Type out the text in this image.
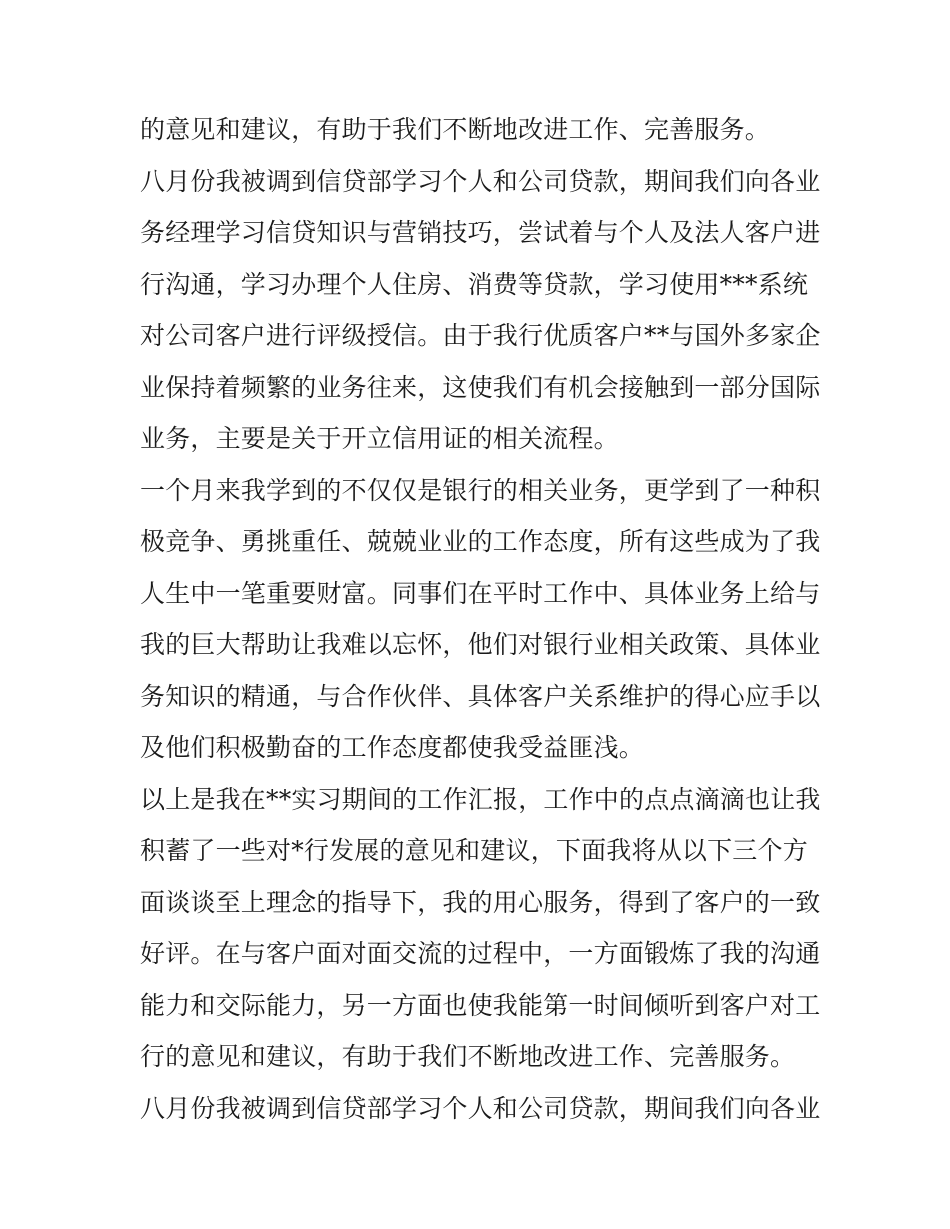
的意见和建议，有助于我们不断地改进工作、完善服务。
八月份我被调到信贷部学习个人和公司贷款，期间我们向各业
务经理学习信贷知识与营销技巧，尝试着与个人及法人客户进
行沟通，学习办理个人住房、消费等贷款，学习使用***系统
对公司客户进行评级授信。由于我行优质客户**与国外多家企
业保持着频繁的业务往来，这使我们有机会接触到一部分国际
业务，主要是关于开立信用证的相关流程。
一个月来我学到的不仅仅是银行的相关业务，更学到了一种积
极竞争、勇挑重任、兢兢业业的工作态度，所有这些成为了我
人生中一笔重要财富。同事们在平时工作中、具体业务上给与
我的巨大帮助让我难以忘怀，他们对银行业相关政策、具体业
务知识的精通，与合作伙伴、具体客户关系维护的得心应手以
及他们积极勤奋的工作态度都使我受益匪浅。
以上是我在**实习期间的工作汇报，工作中的点点滴滴也让我
积蓄了一些对*行发展的意见和建议，下面我将从以下三个方
面谈谈至上理念的指导下，我的用心服务，得到了客户的一致
好评。在与客户面对面交流的过程中，一方面锻炼了我的沟通
能力和交际能力，另一方面也使我能第一时间倾听到客户对工
行的意见和建议，有助于我们不断地改进工作、完善服务。
八月份我被调到信贷部学习个人和公司贷款，期间我们向各业
